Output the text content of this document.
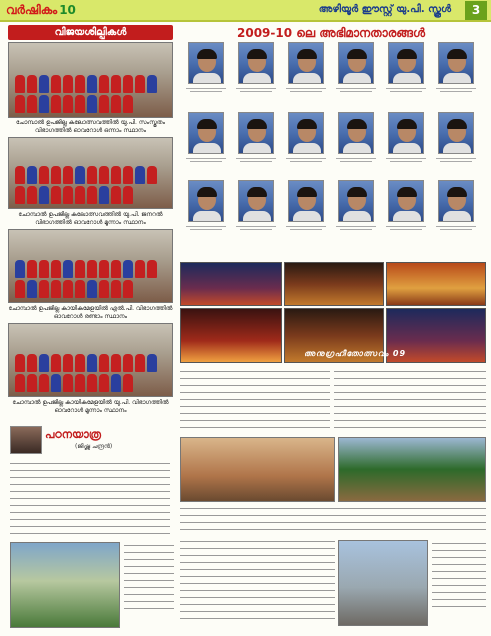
വർഷികം 10	അഴിയൂർ ഈസ്റ്റ് യു.പി. സ്കൂൾ	3
വിജയശില്പികൾ
ചോമ്പാൽ ഉപജില്ല കലോത്സവത്തിൽ യു.പി. സംസ്കൃതം വിഭാഗത്തിൽ ഓവറോൾ ഒന്നാം സ്ഥാനം
ചോമ്പാൽ ഉപജില്ല കലോത്സവത്തിൽ യു.പി. ജനറൽ വിഭാഗത്തിൽ ഓവറോൾ മൂന്നാം സ്ഥാനം
ചോമ്പാൽ ഉപജില്ല കായികമേളയിൽ എൽ.പി. വിഭാഗത്തിൽ ഓവറോൾ രണ്ടാം സ്ഥാനം
ചോമ്പാൽ ഉപജില്ല കായികമേളയിൽ യു.പി. വിഭാഗത്തിൽ ഓവറോൾ മൂന്നാം സ്ഥാനം
2009-10 ലെ അഭിമാനതാരങ്ങൾ
അനുഗ്രഹീതോത്സവം 09
പഠനയാത്ര
(ജിഷ്ണു ചന്ദ്രൻ)
